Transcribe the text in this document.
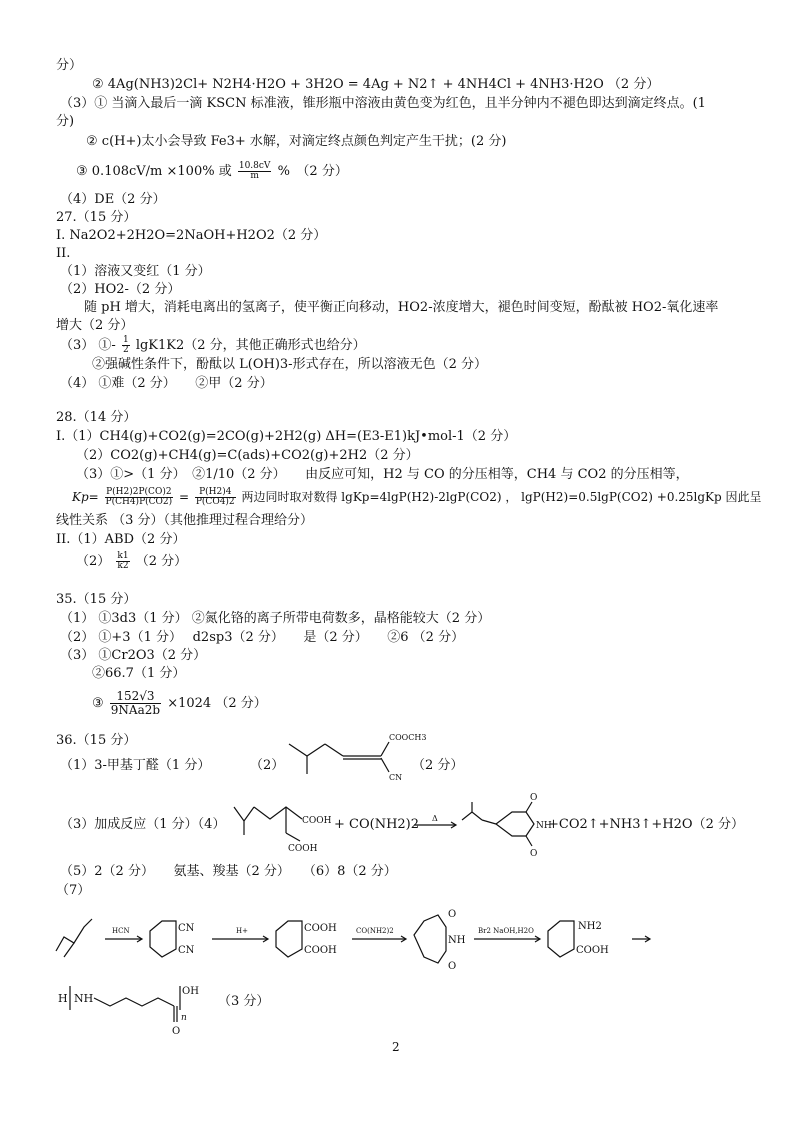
分）
② 4Ag(NH3)2Cl+ N2H4·H2O + 3H2O = 4Ag + N2↑ + 4NH4Cl + 4NH3·H2O （2 分）
（3）① 当滴入最后一滴 KSCN 标准液，锥形瓶中溶液由黄色变为红色，且半分钟内不褪色即达到滴定终点。(1
分)
② c(H+)太小会导致 Fe3+ 水解，对滴定终点颜色判定产生干扰；(2 分)
③ 0.108cV/m ×100% 或 $\frac{10.8cV}{m}$ %　（2 分）
（4）DE（2 分）
27.（15 分）
I. Na2O2+2H2O=2NaOH+H2O2（2 分）
II.
（1）溶液又变红（1 分）
（2）HO2-（2 分）
随 pH 增大，消耗电离出的氢离子，使平衡正向移动，HO2-浓度增大，褪色时间变短，酚酞被 HO2-氧化速率
增大（2 分）
（3） ①- $\frac{1}{2} \lg K1K2(2$ 分，其他正确形式也给分）
②强碱性条件下，酚酞以 L(OH)3-形式存在，所以溶液无色（2 分）
（4） ①难（2 分）　　②甲（2 分）
28.（14 分）
I.（1）CH4(g)+CO2(g)=2CO(g)+2H2(g) ΔH=(E3-E1)kJ•mol-1（2 分）
（2）CO2(g)+CH4(g)=C(ads)+CO2(g)+2H2（2 分）
（3）①>（1 分）　②1/10（2 分）　　由反应可知，H2 与 CO 的分压相等，CH4 与 CO2 的分压相等，
$Kp= \frac{P(H2)2P(CO)2}{P(CH4)P(CO2)} = \frac{P(H2)4}{P(CO4)2}$ 两边同时取对数得 lgKp=4lgP(H2)-2lgP(CO2) ， lgP(H2)=0.5lgP(CO2) +0.25lgKp 因此呈
线性关系 （3 分）（其他推理过程合理给分）
II.（1）ABD（2 分）
$(2) \frac{k1}{k2} (2$ 分）
35.（15 分）
（1） ①3d3（1 分） ②氮化铬的离子所带电荷数多，晶格能较大（2 分）
（2） ①+3（1 分）　 d2sp3（2 分）　　是（2 分）　　②6 （2 分）
（3） ①Cr2O3（2 分）
②66.7（1 分）
③ $\frac{152√3}{\text{9NAa2b}} \times 1024$ （2 分）
36.（15 分）
（1）3-甲基丁醛（1 分）	（2）	（2 分）
COOCH3
CN
（3）加成反应（1 分）（4）	COOH
COOH
+ CO(NH2)2 Δ
O
O
NH
+CO2↑+NH3↑+H2O（2 分）
（5）2（2 分）　　氨基、羧基（2 分）　　（6）8（2 分）
（7）
HCN	CN
CN
H+	COOH
COOH
CO(NH2)2
O
O
NH
Br2 NaOH,H2O	NH2
COOH
H NH
O
n
OH
（3 分）
2
